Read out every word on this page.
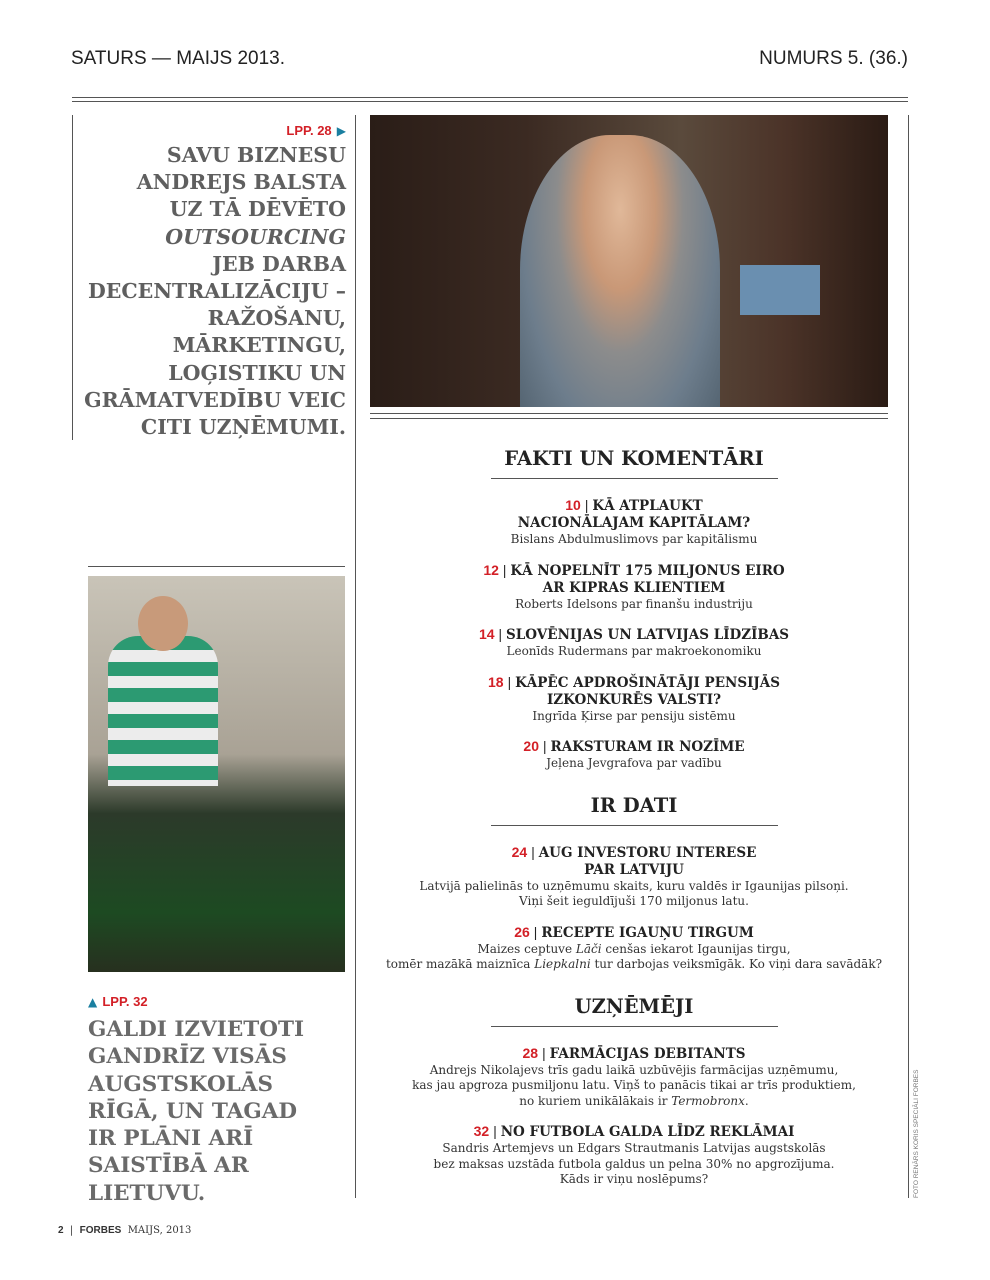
SATURS — MAIJS 2013.	NUMURS 5. (36.)
LPP. 28 ▶
SAVU BIZNESU
ANDREJS BALSTA
UZ TĀ DĒVĒTO
OUTSOURCING
JEB DARBA
DECENTRALIZĀCIJU –
RAŽOŠANU,
MĀRKETINGU,
LOĢISTIKU UN
GRĀMATVEDĪBU VEIC
CITI UZŅĒMUMI.
▲ LPP. 32
GALDI IZVIETOTI
GANDRĪZ VISĀS
AUGSTSKOLĀS
RĪGĀ, UN TAGAD
IR PLĀNI ARĪ
SAISTĪBĀ AR
LIETUVU.
FAKTI UN KOMENTĀRI
10 | KĀ ATPLAUKT
NACIONĀLAJAM KAPITĀLAM?
Bislans Abdulmuslimovs par kapitālismu
12 | KĀ NOPELNĪT 175 MILJONUS EIRO
AR KIPRAS KLIENTIEM
Roberts Idelsons par finanšu industriju
14 | SLOVĒNIJAS UN LATVIJAS LĪDZĪBAS
Leonīds Rudermans par makroekonomiku
18 | KĀPĒC APDROŠINĀTĀJI PENSIJĀS
IZKONKURĒS VALSTI?
Ingrīda Ķirse par pensiju sistēmu
20 | RAKSTURAM IR NOZĪME
Jeļena Jevgrafova par vadību
IR DATI
24 | AUG INVESTORU INTERESE
PAR LATVIJU
Latvijā palielinās to uzņēmumu skaits, kuru valdēs ir Igaunijas pilsoņi.
Viņi šeit ieguldījuši 170 miljonus latu.
26 | RECEPTE IGAUŅU TIRGUM
Maizes ceptuve Lāči cenšas iekarot Igaunijas tirgu,
tomēr mazākā maiznīca Liepkalni tur darbojas veiksmīgāk. Ko viņi dara savādāk?
UZŅĒMĒJI
28 | FARMĀCIJAS DEBITANTS
Andrejs Nikolajevs trīs gadu laikā uzbūvējis farmācijas uzņēmumu,
kas jau apgroza pusmiljonu latu. Viņš to panācis tikai ar trīs produktiem,
no kuriem unikālākais ir Termobronx.
32 | NO FUTBOLA GALDA LĪDZ REKLĀMAI
Sandris Artemjevs un Edgars Strautmanis Latvijas augstskolās
bez maksas uzstāda futbola galdus un pelna 30% no apgrozījuma.
Kāds ir viņu noslēpums?
2 | FORBES MAIJS, 2013
FOTO RENĀRS KORIS SPECIĀLI FORBES
